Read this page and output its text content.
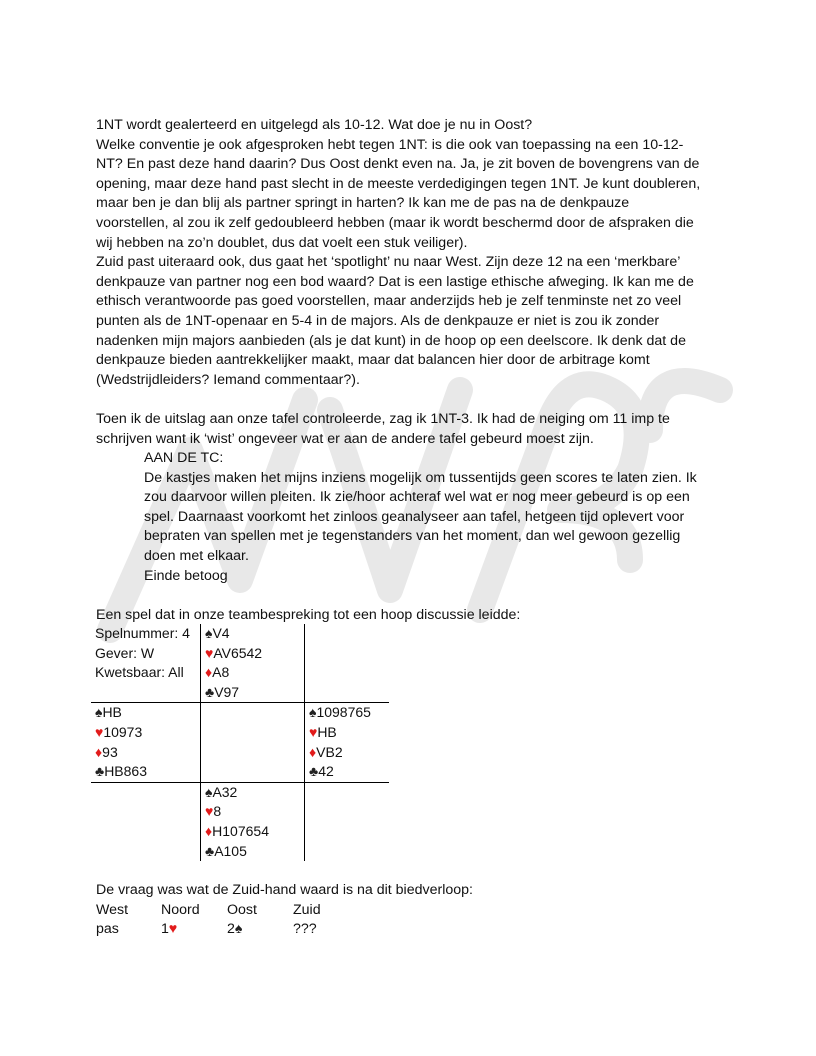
1NT wordt gealerteerd en uitgelegd als 10-12. Wat doe je nu in Oost?

Welke conventie je ook afgesproken hebt tegen 1NT: is die ook van toepassing na een 10-12-

NT? En past deze hand daarin? Dus Oost denkt even na. Ja, je zit boven de bovengrens van de

opening, maar deze hand past slecht in de meeste verdedigingen tegen 1NT. Je kunt doubleren,

maar ben je dan blij als partner springt in harten? Ik kan me de pas na de denkpauze

voorstellen, al zou ik zelf gedoubleerd hebben (maar ik wordt beschermd door de afspraken die

wij hebben na zo’n doublet, dus dat voelt een stuk veiliger).

Zuid past uiteraard ook, dus gaat het ‘spotlight’ nu naar West. Zijn deze 12 na een ‘merkbare’

denkpauze van partner nog een bod waard? Dat is een lastige ethische afweging. Ik kan me de

ethisch verantwoorde pas goed voorstellen, maar anderzijds heb je zelf tenminste net zo veel

punten als de 1NT-openaar en 5-4 in de majors. Als de denkpauze er niet is zou ik zonder

nadenken mijn majors aanbieden (als je dat kunt) in de hoop op een deelscore. Ik denk dat de

denkpauze bieden aantrekkelijker maakt, maar dat balancen hier door de arbitrage komt

(Wedstrijdleiders? Iemand commentaar?).

Toen ik de uitslag aan onze tafel controleerde, zag ik 1NT-3. Ik had de neiging om 11 imp te

schrijven want ik ‘wist’ ongeveer wat er aan de andere tafel gebeurd moest zijn.

AAN DE TC:

De kastjes maken het mijns inziens mogelijk om tussentijds geen scores te laten zien. Ik

zou daarvoor willen pleiten. Ik zie/hoor achteraf wel wat er nog meer gebeurd is op een

spel. Daarnaast voorkomt het zinloos geanalyseer aan tafel, hetgeen tijd oplevert voor

bepraten van spellen met je tegenstanders van het moment, dan wel gewoon gezellig

doen met elkaar.

Einde betoog

Een spel dat in onze teambespreking tot een hoop discussie leidde:

Spelnummer: 4
Gever: W
Kwetsbaar: All

♠V4
♥AV6542
♦A8
♣V97

♠HB
♥10973
♦93
♣HB863

♠1098765
♥HB
♦VB2
♣42

	♠A32
♥8
♦H107654
♣A105	

De vraag was wat de Zuid-hand waard is na dit biedverloop:

West	Noord	Oost	Zuid
pas	1♥	2♠	???
